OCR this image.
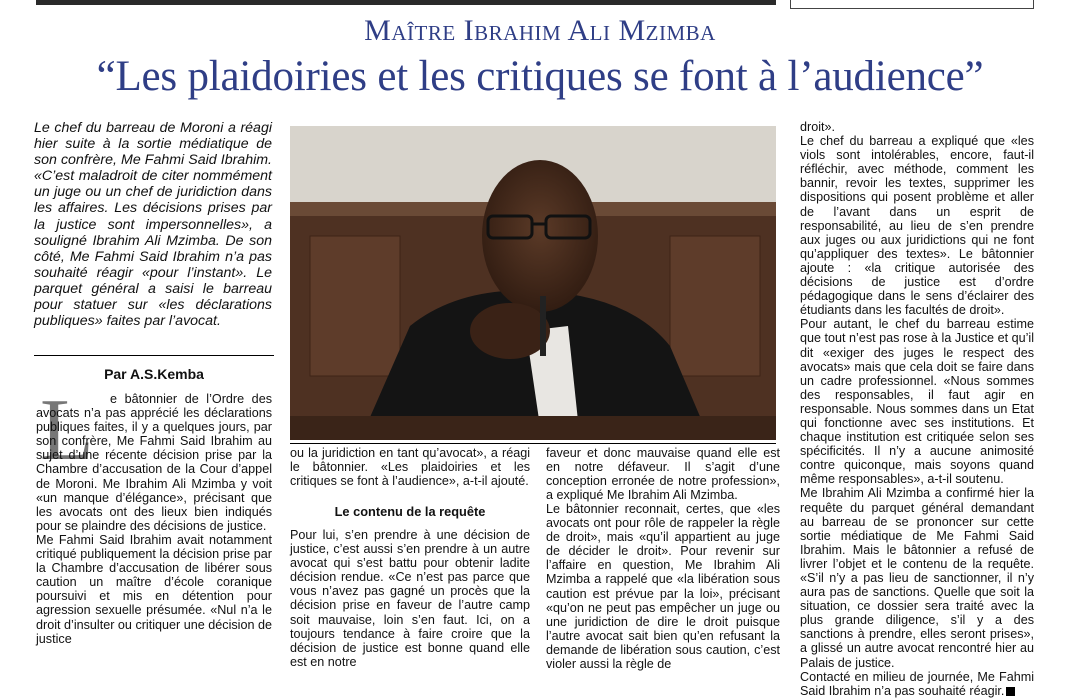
Maître Ibrahim Ali Mzimba
“Les plaidoiries et les critiques se font à l’audience”
Le chef du barreau de Moroni a réagi hier suite à la sortie médiatique de son confrère, Me Fahmi Said Ibrahim. «C’est maladroit de citer nommément un juge ou un chef de juridiction dans les affaires. Les décisions prises par la justice sont impersonnelles», a souligné Ibrahim Ali Mzimba. De son côté, Me Fahmi Said Ibrahim n’a pas souhaité réagir «pour l’instant». Le parquet général a saisi le barreau pour statuer sur «les déclarations publiques» faites par l’avocat.
Par A.S.Kemba
L	e bâtonnier de l’Ordre des avocats n’a pas apprécié les déclarations publiques faites, il y a quelques jours, par son confrère, Me Fahmi Said Ibrahim au sujet d’une récente décision prise par la Chambre d’accusation de la Cour d’appel de Moroni. Me Ibrahim Ali Mzimba y voit «un manque d’élégance», précisant que les avocats ont des lieux bien indiqués pour se plaindre des décisions de justice.

Me Fahmi Said Ibrahim avait notamment critiqué publiquement la décision prise par la Chambre d’accusation de libérer sous caution un maître d’école coranique poursuivi et mis en détention pour agression sexuelle présumée. «Nul n’a le droit d’insulter ou critiquer une décision de justice

ou la juridiction en tant qu’avocat», a réagi le bâtonnier. «Les plaidoiries et les critiques se font à l’audience», a-t-il ajouté.

Le contenu de la requête

Pour lui, s’en prendre à une décision de justice, c’est aussi s’en prendre à un autre avocat qui s’est battu pour obtenir ladite décision rendue. «Ce n’est pas parce que vous n’avez pas gagné un procès que la décision prise en faveur de l’autre camp soit mauvaise, loin s’en faut. Ici, on a toujours tendance à faire croire que la décision de justice est bonne quand elle est en notre

faveur et donc mauvaise quand elle est en notre défaveur. Il s’agit d’une conception erronée de notre profession», a expliqué Me Ibrahim Ali Mzimba.

Le bâtonnier reconnait, certes, que «les avocats ont pour rôle de rappeler la règle de droit», mais «qu’il appartient au juge de décider le droit». Pour revenir sur l’affaire en question, Me Ibrahim Ali Mzimba a rappelé que «la libération sous caution est prévue par la loi», précisant «qu’on ne peut pas empêcher un juge ou une juridiction de dire le droit puisque l’autre avocat sait bien qu’en refusant la demande de libération sous caution, c’est violer aussi la règle de

droit».

Le chef du barreau a expliqué que «les viols sont intolérables, encore, faut-il réfléchir, avec méthode, comment les bannir, revoir les textes, supprimer les dispositions qui posent problème et aller de l’avant dans un esprit de responsabilité, au lieu de s’en prendre aux juges ou aux juridictions qui ne font qu’appliquer des textes». Le bâtonnier ajoute : «la critique autorisée des décisions de justice est d’ordre pédagogique dans le sens d’éclairer des étudiants dans les facultés de droit».

Pour autant, le chef du barreau estime que tout n’est pas rose à la Justice et qu’il dit «exiger des juges le respect des avocats» mais que cela doit se faire dans un cadre professionnel. «Nous sommes des responsables, il faut agir en responsable. Nous sommes dans un Etat qui fonctionne avec ses institutions. Et chaque institution est critiquée selon ses spécificités. Il n’y a aucune animosité contre quiconque, mais soyons quand même responsables», a-t-il soutenu.

Me Ibrahim Ali Mzimba a confirmé hier la requête du parquet général demandant au barreau de se prononcer sur cette sortie médiatique de Me Fahmi Said Ibrahim. Mais le bâtonnier a refusé de livrer l’objet et le contenu de la requête. «S’il n’y a pas lieu de sanctionner, il n’y aura pas de sanctions. Quelle que soit la situation, ce dossier sera traité avec la plus grande diligence, s’il y a des sanctions à prendre, elles seront prises», a glissé un autre avocat rencontré hier au Palais de justice.

Contacté en milieu de journée, Me Fahmi Said Ibrahim n’a pas souhaité réagir.
